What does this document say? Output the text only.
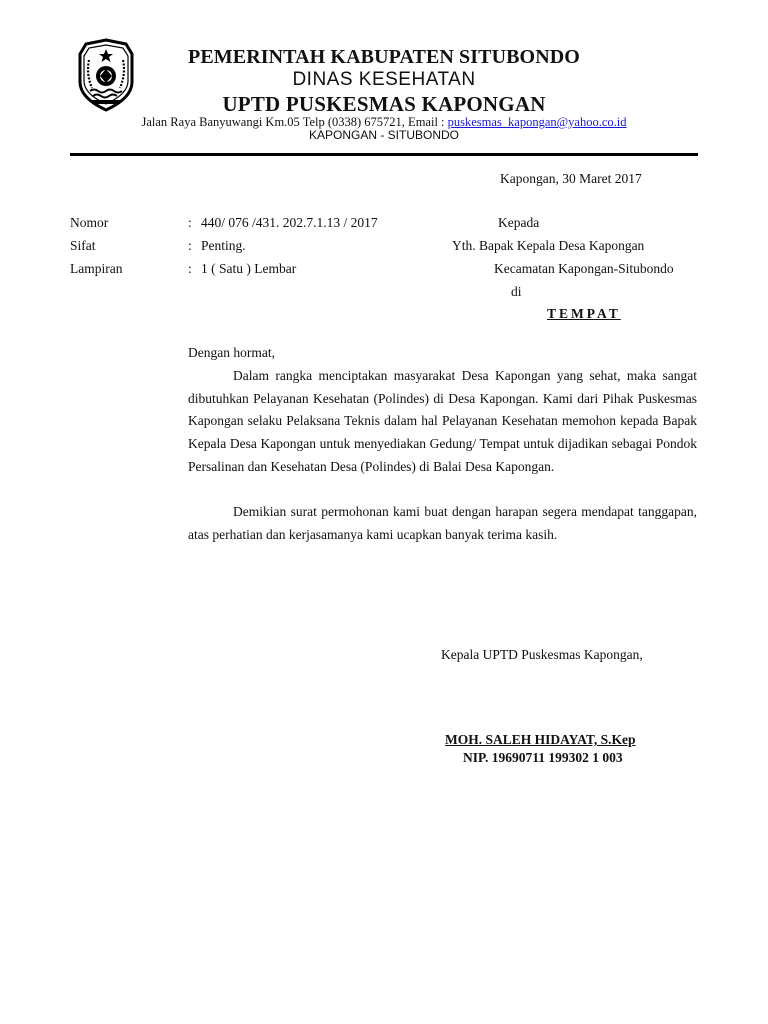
PEMERINTAH KABUPATEN SITUBONDO
DINAS KESEHATAN
UPTD PUSKESMAS KAPONGAN
Jalan Raya Banyuwangi Km.05 Telp (0338) 675721, Email : puskesmas_kapongan@yahoo.co.id
KAPONGAN - SITUBONDO
Kapongan, 30 Maret 2017
Nomor	: 440/ 076 /431. 202.7.1.13 / 2017
Sifat	: Penting.
Lampiran	: 1 ( Satu ) Lembar
Kepada
Yth. Bapak Kepala Desa Kapongan
Kecamatan Kapongan-Situbondo
di
TEMPAT
Dengan hormat,
Dalam rangka menciptakan masyarakat Desa Kapongan yang sehat, maka sangat dibutuhkan Pelayanan Kesehatan (Polindes) di Desa Kapongan. Kami dari Pihak Puskesmas Kapongan selaku Pelaksana Teknis dalam hal Pelayanan Kesehatan memohon kepada Bapak Kepala Desa Kapongan untuk menyediakan Gedung/ Tempat untuk dijadikan sebagai Pondok Persalinan dan Kesehatan Desa (Polindes) di Balai Desa Kapongan.
Demikian surat permohonan kami buat dengan harapan segera mendapat tanggapan, atas perhatian dan kerjasamanya kami ucapkan banyak terima kasih.
Kepala UPTD Puskesmas Kapongan,
MOH. SALEH HIDAYAT, S.Kep
NIP. 19690711 199302 1 003
